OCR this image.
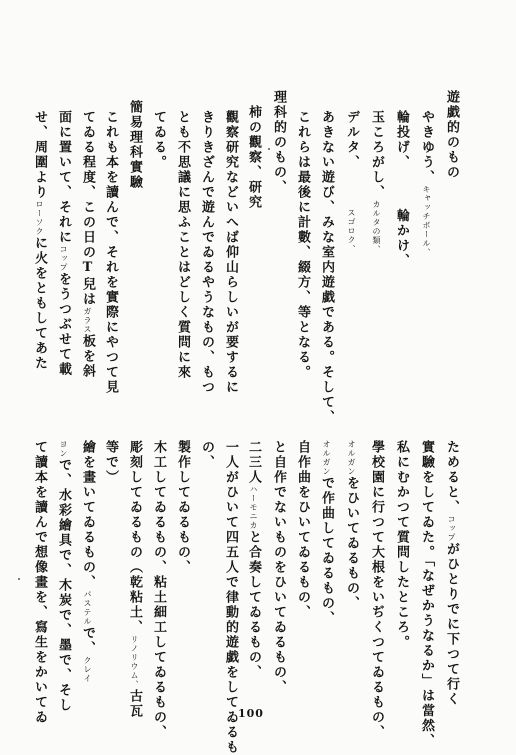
遊戯的のもの
やきゆう、キャッチボール、
輪投げ、　　　輪かけ、
玉ころがし、カルタの類、
デルタ、　　　スゴロク、
あきない遊び、みな室内遊戯である。そして、
これらは最後に計數、綴方、等となる。
理科的のもの、
　柿の觀察、研究
觀察研究などいへば仰山らしいが要するに
きりきざんで遊んでゐるやうなもの、もつ
とも不思議に思ふことはどしく質問に來
てゐる。
簡易理科實驗
これも本を讀んで、それを實際にやつて見
てゐる程度、この日のT兒はガラス板を斜
面に置いて、それにコップをうつぶせて載
せ、周圍よりローソクに火をともしてあた
ためると、コップがひとりでに下つて行く
實驗をしてゐた。「なぜかうなるか」は當然、
私にむかつて質問したところ。
學校園に行つて大根をいぢくつてゐるもの、
オルガンをひいてゐるもの、
オルガンで作曲してゐるもの、
自作曲をひいてゐるもの、
と自作でないものをひいてゐるもの、
二三人ハーモニカと合奏してゐるもの、
一人がひいて四五人で律動的遊戯をしてゐるも
の、
製作してゐるもの、
木工してゐるもの、粘土細工してゐるもの、
彫刻してゐるもの（乾粘土、リノリウム、古瓦
等で）
繪を畫いてゐるもの、パステルで、クレイ
ヨンで、水彩繪具で、木炭で、墨で、そし
て讀本を讀んで想像畫を、寫生をかいてゐ	100
